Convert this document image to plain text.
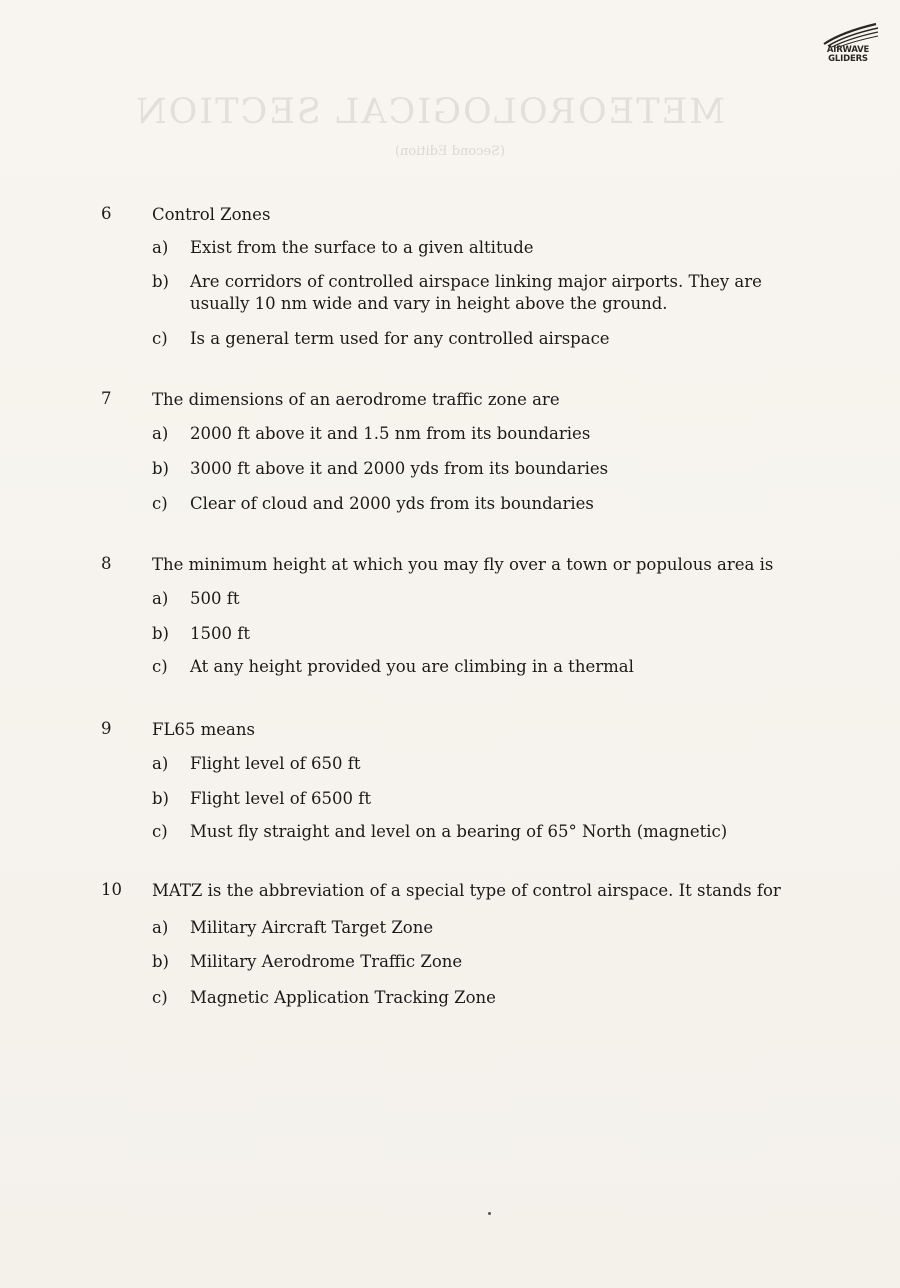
METEOROLOGICAL SECTION
(Second Edition)
AIRWAVE
GLIDERS
6 Control Zones
a) Exist from the surface to a given altitude
b) Are corridors of controlled airspace linking major airports. They are usually 10 nm wide and vary in height above the ground.
c) Is a general term used for any controlled airspace
7 The dimensions of an aerodrome traffic zone are
a) 2000 ft above it and 1.5 nm from its boundaries
b) 3000 ft above it and 2000 yds from its boundaries
c) Clear of cloud and 2000 yds from its boundaries
8 The minimum height at which you may fly over a town or populous area is
a) 500 ft
b) 1500 ft
c) At any height provided you are climbing in a thermal
9 FL65 means
a) Flight level of 650 ft
b) Flight level of 6500 ft
c) Must fly straight and level on a bearing of 65° North (magnetic)
10 MATZ is the abbreviation of a special type of control airspace. It stands for
a) Military Aircraft Target Zone
b) Military Aerodrome Traffic Zone
c) Magnetic Application Tracking Zone
